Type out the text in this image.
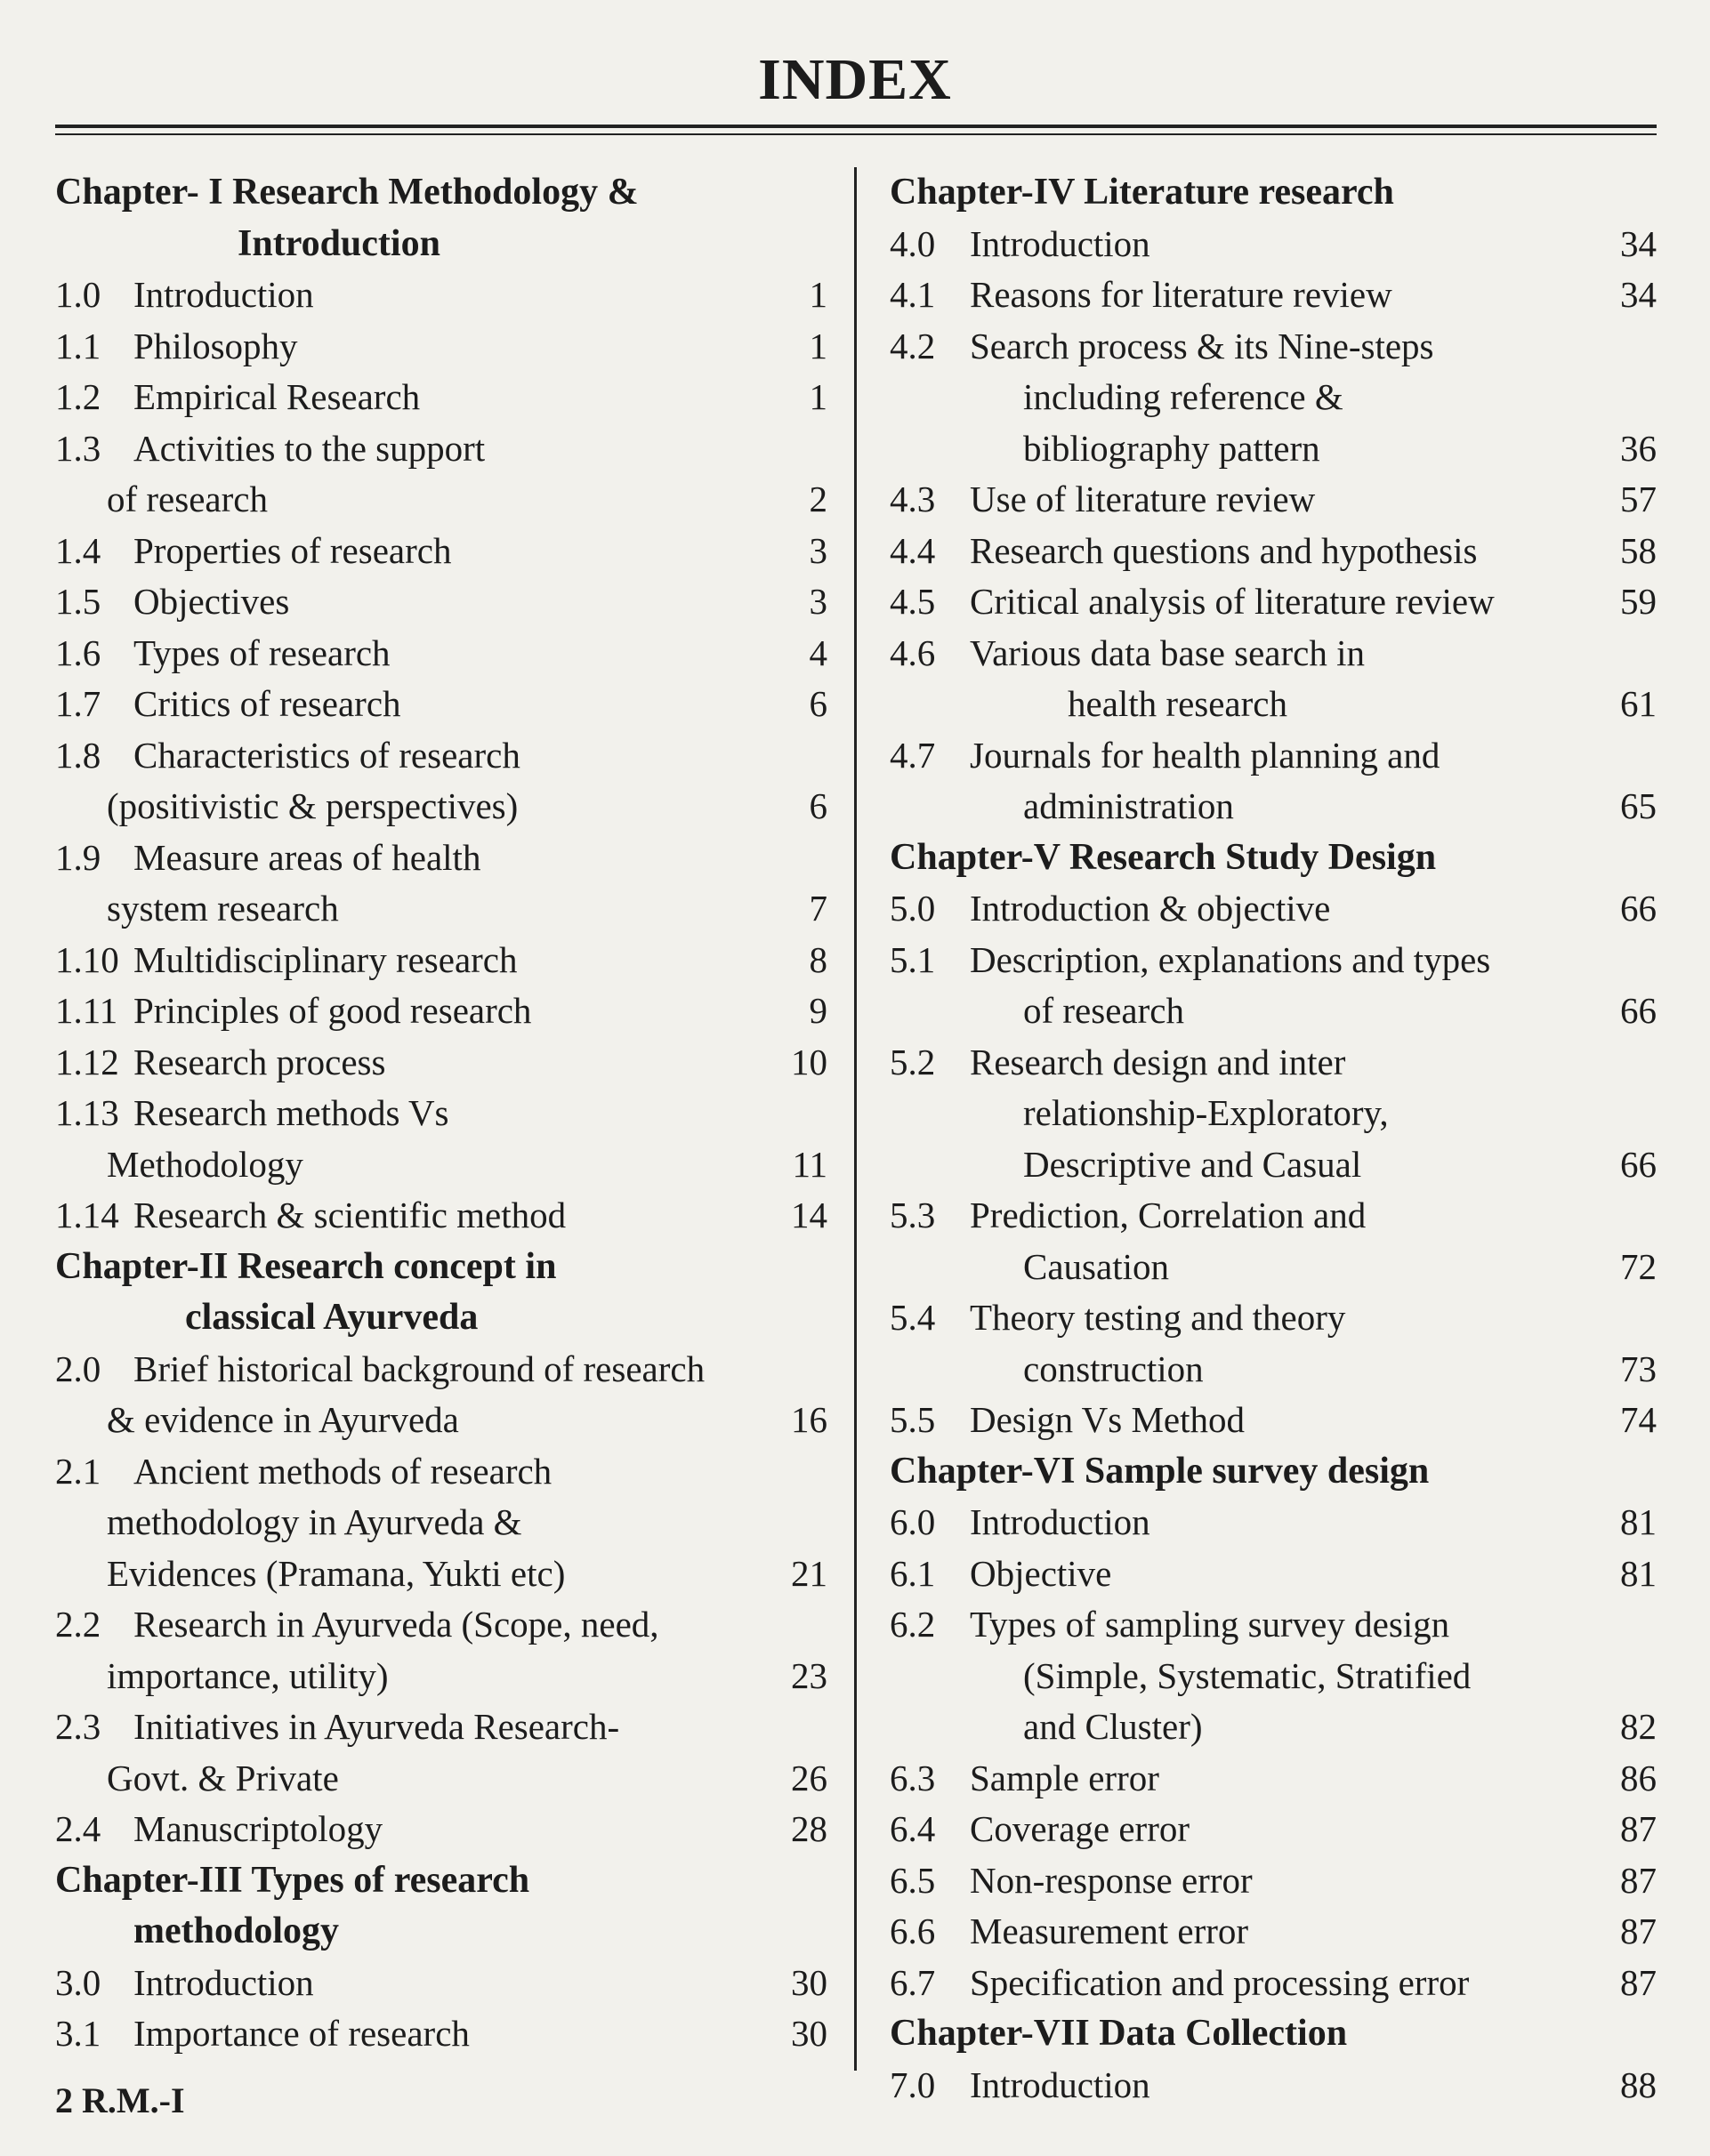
INDEX
Chapter- I Research Methodology &
Introduction
1.0 Introduction	1
1.1 Philosophy	1
1.2 Empirical Research	1
1.3 Activities to the support
of research	2
1.4 Properties of research	3
1.5 Objectives	3
1.6 Types of research	4
1.7 Critics of research	6
1.8 Characteristics of research
(positivistic & perspectives)	6
1.9 Measure areas of health
system research	7
1.10 Multidisciplinary research	8
1.11 Principles of good research	9
1.12 Research process	10
1.13 Research methods Vs
Methodology	11
1.14 Research & scientific method	14
Chapter-II Research concept in
classical Ayurveda
2.0 Brief historical background of research
& evidence in Ayurveda	16
2.1 Ancient methods of research
methodology in Ayurveda &
Evidences (Pramana, Yukti etc)	21
2.2 Research in Ayurveda (Scope, need,
importance, utility)	23
2.3 Initiatives in Ayurveda Research-
Govt. & Private	26
2.4 Manuscriptology	28
Chapter-III Types of research
methodology
3.0 Introduction	30
3.1 Importance of research	30
Chapter-IV Literature research
4.0 Introduction	34
4.1 Reasons for literature review	34
4.2 Search process & its Nine-steps
including reference &
bibliography pattern	36
4.3 Use of literature review	57
4.4 Research questions and hypothesis	58
4.5 Critical analysis of literature review	59
4.6 Various data base search in
health research	61
4.7 Journals for health planning and
administration	65
Chapter-V Research Study Design
5.0 Introduction & objective	66
5.1 Description, explanations and types
of research	66
5.2 Research design and inter
relationship-Exploratory,
Descriptive and Casual	66
5.3 Prediction, Correlation and
Causation	72
5.4 Theory testing and theory
construction	73
5.5 Design Vs Method	74
Chapter-VI Sample survey design
6.0 Introduction	81
6.1 Objective	81
6.2 Types of sampling survey design
(Simple, Systematic, Stratified
and Cluster)	82
6.3 Sample error	86
6.4 Coverage error	87
6.5 Non-response error	87
6.6 Measurement error	87
6.7 Specification and processing error	87
Chapter-VII Data Collection
7.0 Introduction	88
2 R.M.-I
